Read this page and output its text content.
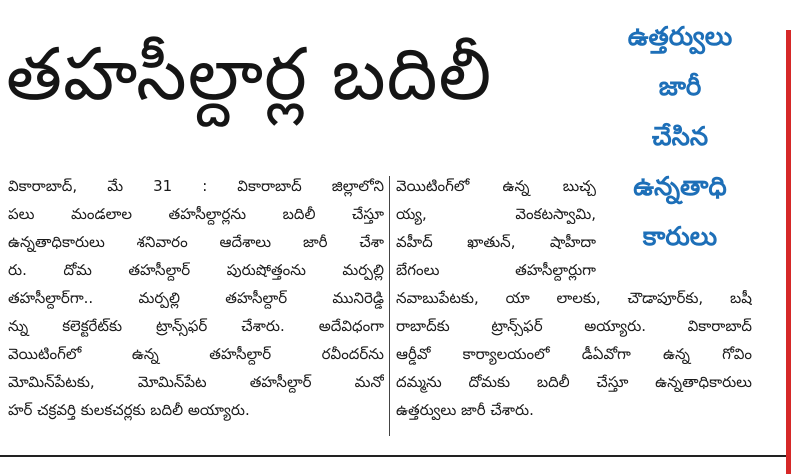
తహసీల్దార్ల బదిలీ	ఉత్తర్వులు
జారీ
చేసిన
ఉన్నతాధి
కారులు
వికారాబాద్, మే 31 : వికారాబాద్ జిల్లాలోని
పలు మండలాల తహసీల్దార్లను బదిలీ చేస్తూ
ఉన్నతాధికారులు శనివారం ఆదేశాలు జారీ చేశా
రు. దోమ తహసీల్దార్ పురుషోత్తంను మర్పల్లి
తహసీల్దార్‌గా.. మర్పల్లి తహసీల్దార్ మునిరెడ్డి
న్ను కలెక్టరేట్‌కు ట్రాన్స్‌ఫర్ చేశారు. అదేవిధంగా
వెయిటింగ్‌లో ఉన్న తహసీల్దార్ రవీందర్‌ను
మోమిన్‌పేటకు, మోమిన్‌పేట తహసీల్దార్ మనో
హర్ చక్రవర్తి కులకచర్లకు బదిలీ అయ్యారు.
వెయిటింగ్‌లో ఉన్న బుచ్చ
య్య, వెంకటస్వామి,
వహీద్ ఖాతున్, షాహీదా
బేగంలు తహసీల్దార్లుగా
నవాబుపేటకు, యా లాలకు, చౌడాపూర్‌కు, బషీ
రాబాద్‌కు ట్రాన్స్‌ఫర్ అయ్యారు. వికారాబాద్
ఆర్డీవో కార్యాలయంలో డీఏవోగా ఉన్న గోవిం
దమ్మను దోమకు బదిలీ చేస్తూ ఉన్నతాధికారులు
ఉత్తర్వులు జారీ చేశారు.
